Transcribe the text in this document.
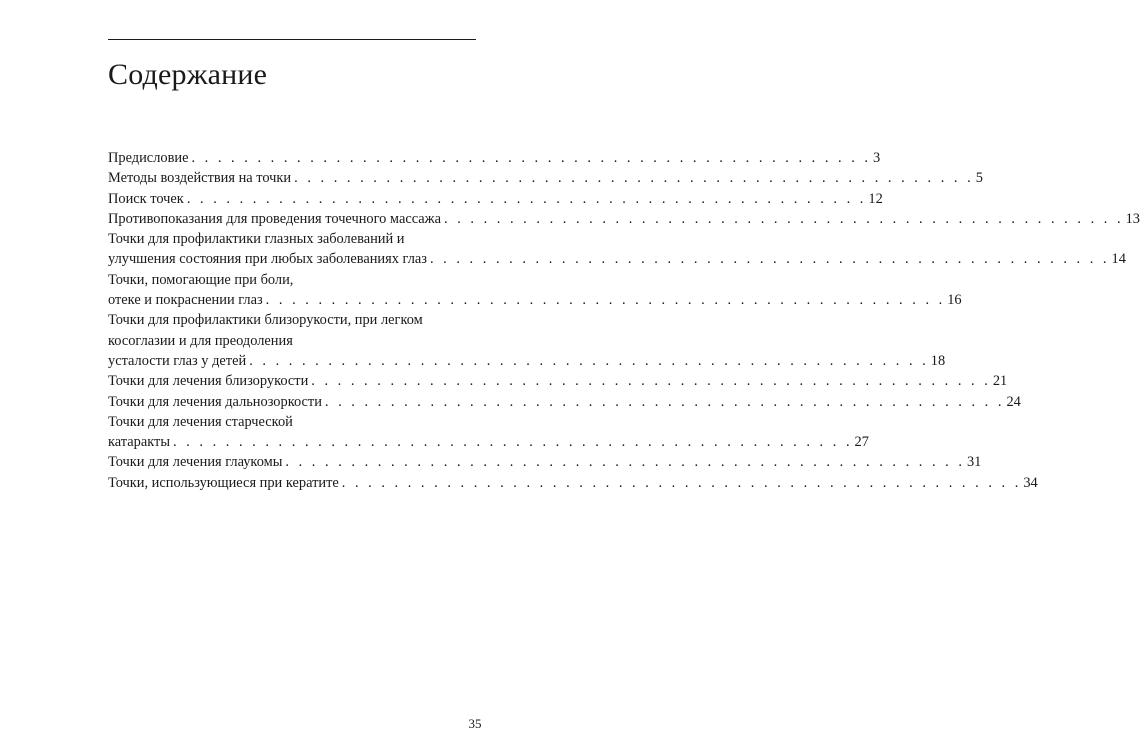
Содержание
Предисловие . . . . . . . . . . . . . . . . . . . . . . . . . . . . . . . . . . . . . . . . . . . . . . . . . . . . 3
Методы воздействия на точки . . . . . . . . . . . . . . . . . . . . . . . . . . . . . . . . . . . . . . . . . . . . . . . . . . . . 5
Поиск точек . . . . . . . . . . . . . . . . . . . . . . . . . . . . . . . . . . . . . . . . . . . . . . . . . . . . 12
Противопоказания для проведения точечного массажа . . . . . . . . . . . . . . . . . . . . . . . . . . . . . . . . . . . . . . . . . . . . . . . . . . . . 13
Точки для профилактики глазных заболеваний и
улучшения состояния при любых заболеваниях глаз . . . . . . . . . . . . . . . . . . . . . . . . . . . . . . . . . . . . . . . . . . . . . . . . . . . . 14
Точки, помогающие при боли,
отеке и покраснении глаз . . . . . . . . . . . . . . . . . . . . . . . . . . . . . . . . . . . . . . . . . . . . . . . . . . . . 16
Точки для профилактики близорукости, при легком
косоглазии и для преодоления
усталости глаз у детей . . . . . . . . . . . . . . . . . . . . . . . . . . . . . . . . . . . . . . . . . . . . . . . . . . . . 18
Точки для лечения близорукости . . . . . . . . . . . . . . . . . . . . . . . . . . . . . . . . . . . . . . . . . . . . . . . . . . . . 21
Точки для лечения дальнозоркости . . . . . . . . . . . . . . . . . . . . . . . . . . . . . . . . . . . . . . . . . . . . . . . . . . . . 24
Точки для лечения старческой
катаракты . . . . . . . . . . . . . . . . . . . . . . . . . . . . . . . . . . . . . . . . . . . . . . . . . . . . 27
Точки для лечения глаукомы . . . . . . . . . . . . . . . . . . . . . . . . . . . . . . . . . . . . . . . . . . . . . . . . . . . . 31
Точки, использующиеся при кератите . . . . . . . . . . . . . . . . . . . . . . . . . . . . . . . . . . . . . . . . . . . . . . . . . . . . 34
35
